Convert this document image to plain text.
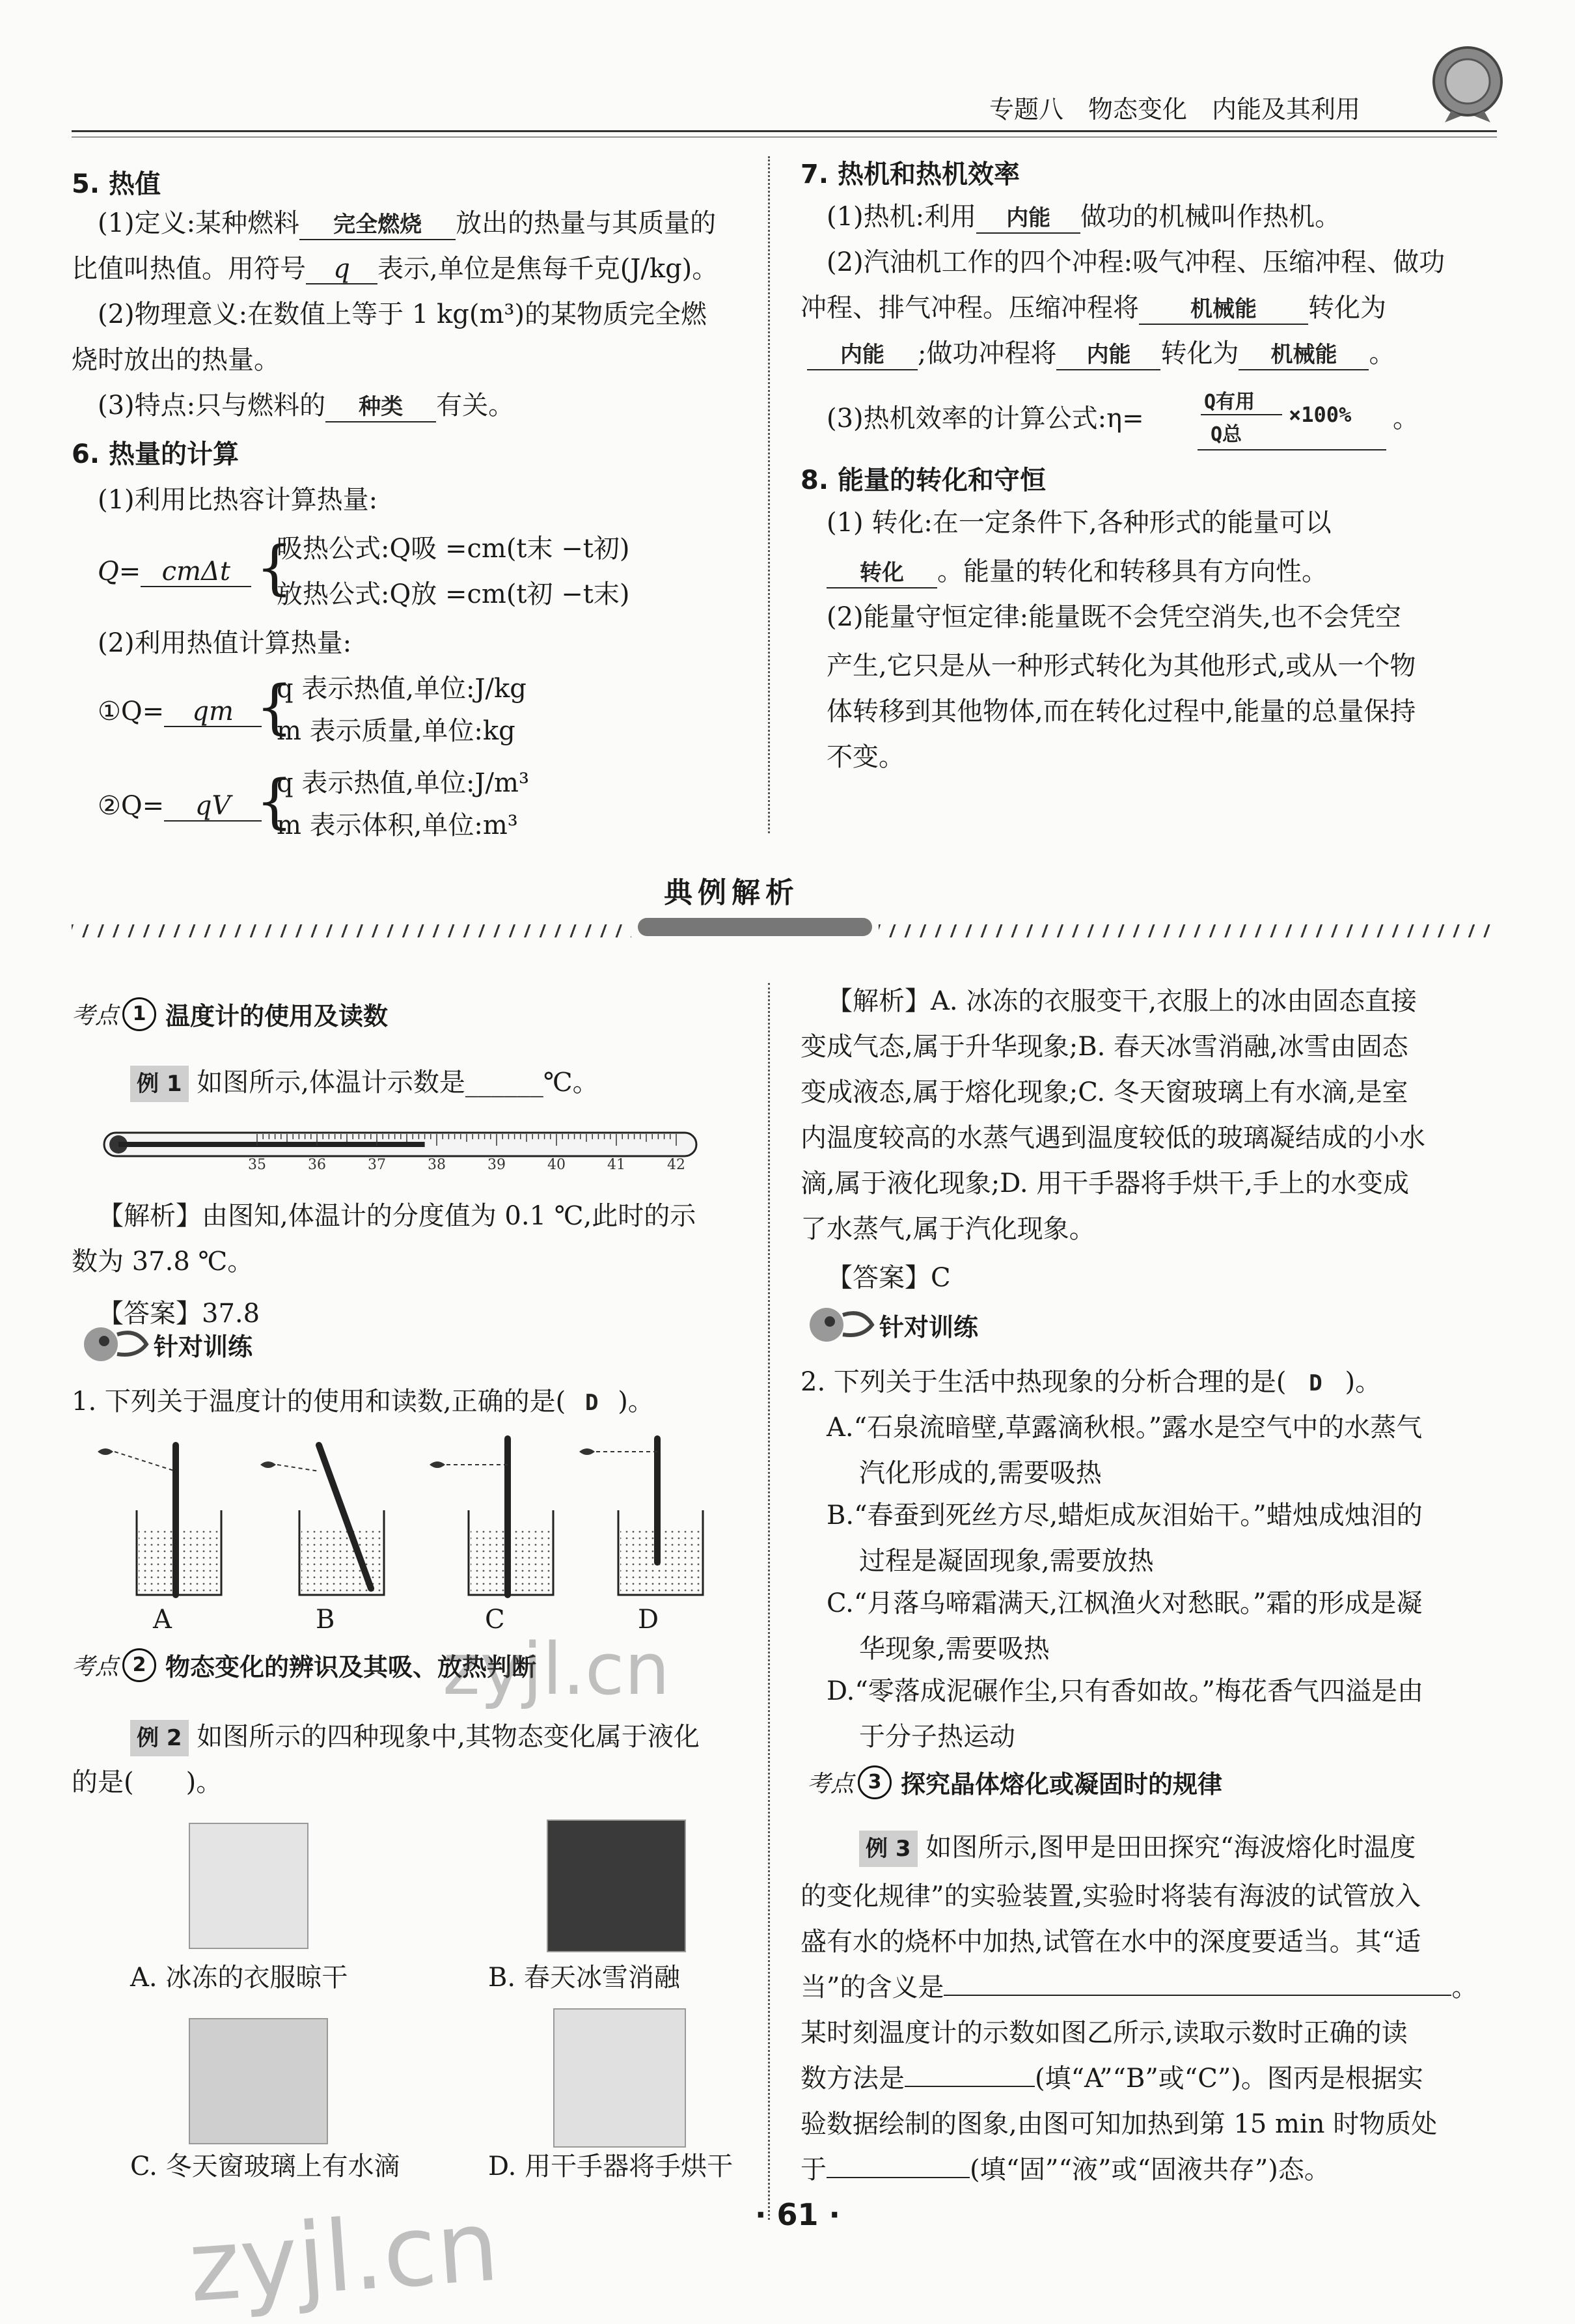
专题八　物态变化　内能及其利用
5. 热值
(1)定义:某种燃料 完全燃烧 放出的热量与其质量的
比值叫热值。用符号 q 表示,单位是焦每千克(J/kg)。
(2)物理意义:在数值上等于 1 kg(m³)的某物质完全燃
烧时放出的热量。
(3)特点:只与燃料的 种类 有关。
6. 热量的计算
(1)利用比热容计算热量:
Q= cmΔt {
吸热公式:Q吸 =cm(t末 −t初)
放热公式:Q放 =cm(t初 −t末)
(2)利用热值计算热量:
①Q= qm {
q 表示热值,单位:J/kg
m 表示质量,单位:kg
②Q= qV {
q 表示热值,单位:J/m³
m 表示体积,单位:m³
7. 热机和热机效率
(1)热机:利用 内能 做功的机械叫作热机。
(2)汽油机工作的四个冲程:吸气冲程、压缩冲程、做功
冲程、排气冲程。压缩冲程将 机械能 转化为
内能 ;做功冲程将 内能 转化为 机械能 。
(3)热机效率的计算公式:η=
Q有用
Q总
×100% 。
8. 能量的转化和守恒
(1) 转化:在一定条件下,各种形式的能量可以
转化 。能量的转化和转移具有方向性。
(2)能量守恒定律:能量既不会凭空消失,也不会凭空
产生,它只是从一种形式转化为其他形式,或从一个物
体转移到其他物体,而在转化过程中,能量的总量保持
不变。
典例解析
考点 1 温度计的使用及读数
例 1 如图所示,体温计示数是______℃。
35	36	37	38	39	40	41	42
【解析】由图知,体温计的分度值为 0.1 ℃,此时的示
数为 37.8 ℃。
【答案】37.8
针对训练
1. 下列关于温度计的使用和读数,正确的是( D )。
A	B	C	D
考点 2 物态变化的辨识及其吸、放热判断
zyjl.cn
例 2 如图所示的四种现象中,其物态变化属于液化
的是(　　)。
A. 冰冻的衣服晾干	B. 春天冰雪消融
C. 冬天窗玻璃上有水滴	D. 用干手器将手烘干
【解析】A. 冰冻的衣服变干,衣服上的冰由固态直接
变成气态,属于升华现象;B. 春天冰雪消融,冰雪由固态
变成液态,属于熔化现象;C. 冬天窗玻璃上有水滴,是室
内温度较高的水蒸气遇到温度较低的玻璃凝结成的小水
滴,属于液化现象;D. 用干手器将手烘干,手上的水变成
了水蒸气,属于汽化现象。
【答案】C
针对训练
2. 下列关于生活中热现象的分析合理的是( D )。
A.“石泉流暗壁,草露滴秋根。”露水是空气中的水蒸气
汽化形成的,需要吸热
B.“春蚕到死丝方尽,蜡炬成灰泪始干。”蜡烛成烛泪的
过程是凝固现象,需要放热
C.“月落乌啼霜满天,江枫渔火对愁眠。”霜的形成是凝
华现象,需要吸热
D.“零落成泥碾作尘,只有香如故。”梅花香气四溢是由
于分子热运动
考点 3 探究晶体熔化或凝固时的规律
例 3 如图所示,图甲是田田探究“海波熔化时温度
的变化规律”的实验装置,实验时将装有海波的试管放入
盛有水的烧杯中加热,试管在水中的深度要适当。其“适
当”的含义是	。
某时刻温度计的示数如图乙所示,读取示数时正确的读
数方法是	(填“A”“B”或“C”)。图丙是根据实
验数据绘制的图象,由图可知加热到第 15 min 时物质处
于	(填“固”“液”或“固液共存”)态。
· 61 ·
zyjl.cn
